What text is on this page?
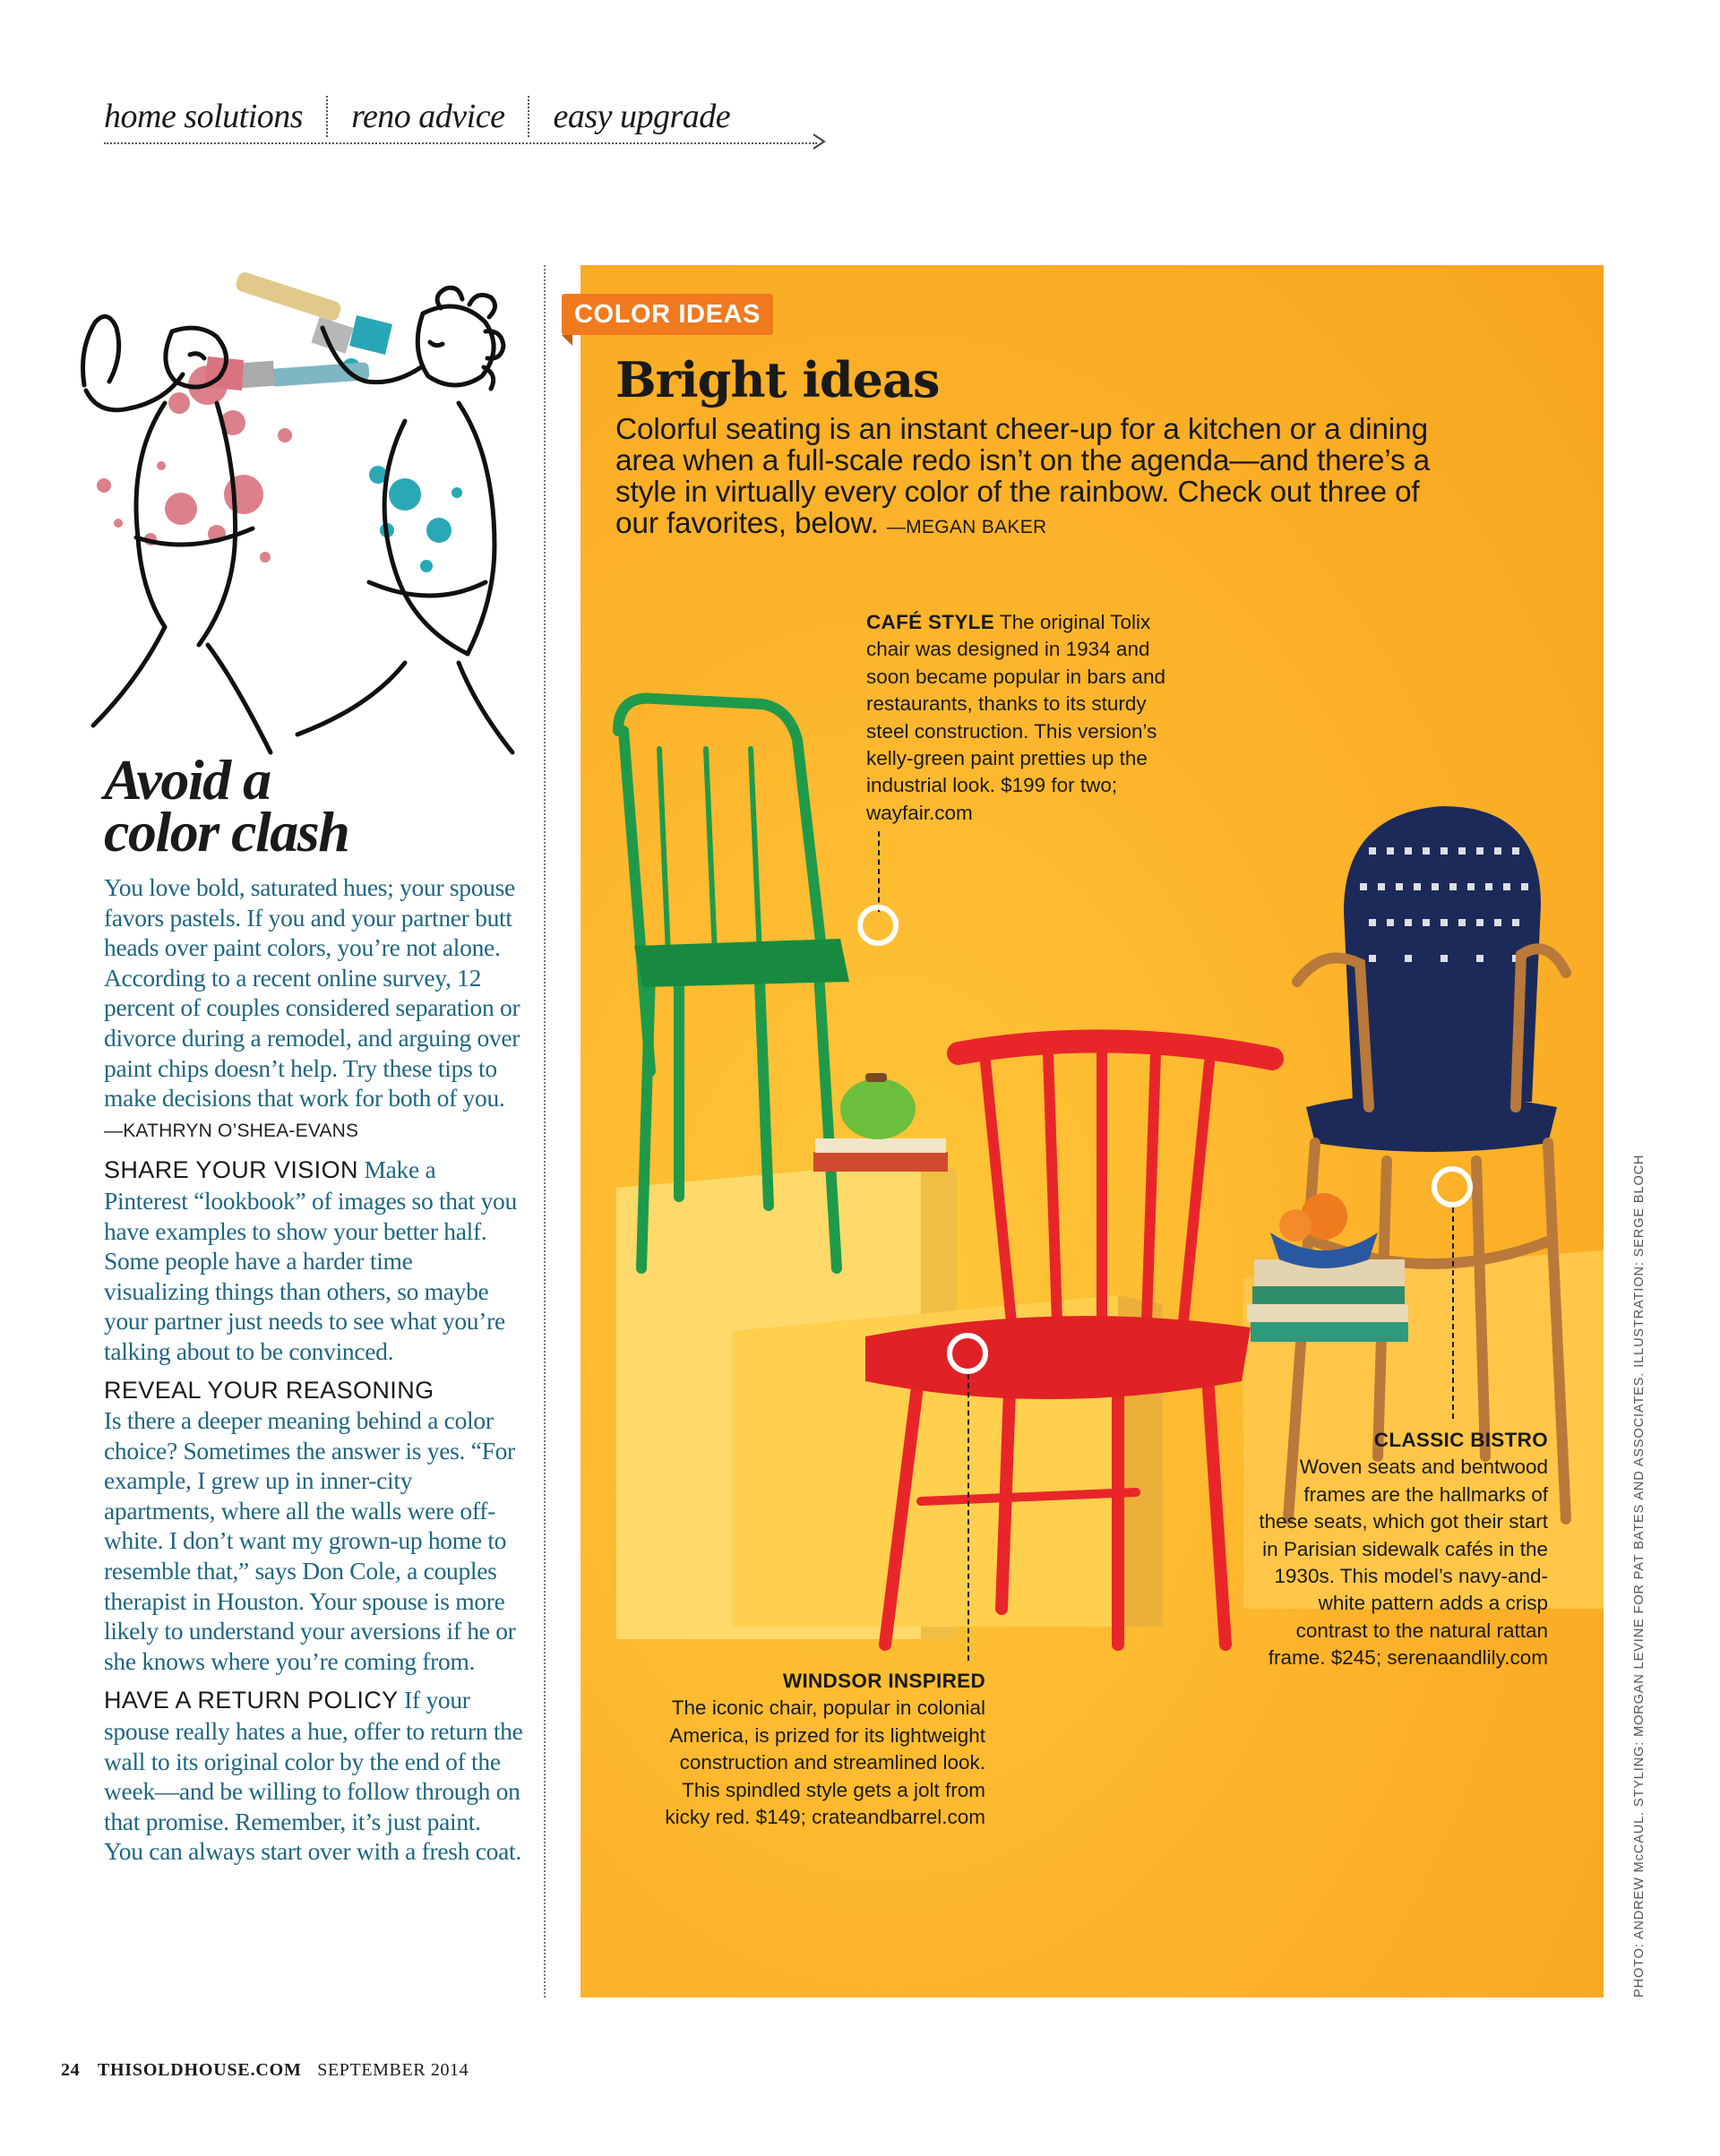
home solutions reno advice easy upgrade
Avoid a
color clash

You love bold, saturated hues; your spouse favors pastels. If you and your partner butt heads over paint colors, you’re not alone. According to a recent online survey, 12 percent of couples considered separation or divorce during a remodel, and arguing over paint chips doesn’t help. Try these tips to make decisions that work for both of you. —KATHRYN O’SHEA-EVANS

SHARE YOUR VISION Make a Pinterest “lookbook” of images so that you have examples to show your better half. Some people have a harder time visualizing things than others, so maybe your partner just needs to see what you’re talking about to be convinced.

REVEAL YOUR REASONING
Is there a deeper meaning behind a color choice? Sometimes the answer is yes. “For example, I grew up in inner-city apartments, where all the walls were off-white. I don’t want my grown-up home to resemble that,” says Don Cole, a couples therapist in Houston. Your spouse is more likely to understand your aversions if he or she knows where you’re coming from.

HAVE A RETURN POLICY If your spouse really hates a hue, offer to return the wall to its original color by the end of the week—and be willing to follow through on that promise. Remember, it’s just paint. You can always start over with a fresh coat.

COLOR IDEAS
Bright ideas
Colorful seating is an instant cheer-up for a kitchen or a dining area when a full-scale redo isn’t on the agenda—and there’s a style in virtually every color of the rainbow. Check out three of our favorites, below. —MEGAN BAKER
CAFÉ STYLE The original Tolix chair was designed in 1934 and soon became popular in bars and restaurants, thanks to its sturdy steel construction. This version’s kelly-green paint pretties up the industrial look. $199 for two; wayfair.com
WINDSOR INSPIRED
The iconic chair, popular in colonial America, is prized for its lightweight construction and streamlined look. This spindled style gets a jolt from kicky red. $149; crateandbarrel.com
CLASSIC BISTRO
Woven seats and bentwood frames are the hallmarks of these seats, which got their start in Parisian sidewalk cafés in the 1930s. This model’s navy-and-white pattern adds a crisp contrast to the natural rattan frame. $245; serenaandlily.com	PHOTO: ANDREW McCAUL. STYLING: MORGAN LEVINE FOR PAT BATES AND ASSOCIATES. ILLUSTRATION: SERGE BLOCH
24 THISOLDHOUSE.COM SEPTEMBER 2014
